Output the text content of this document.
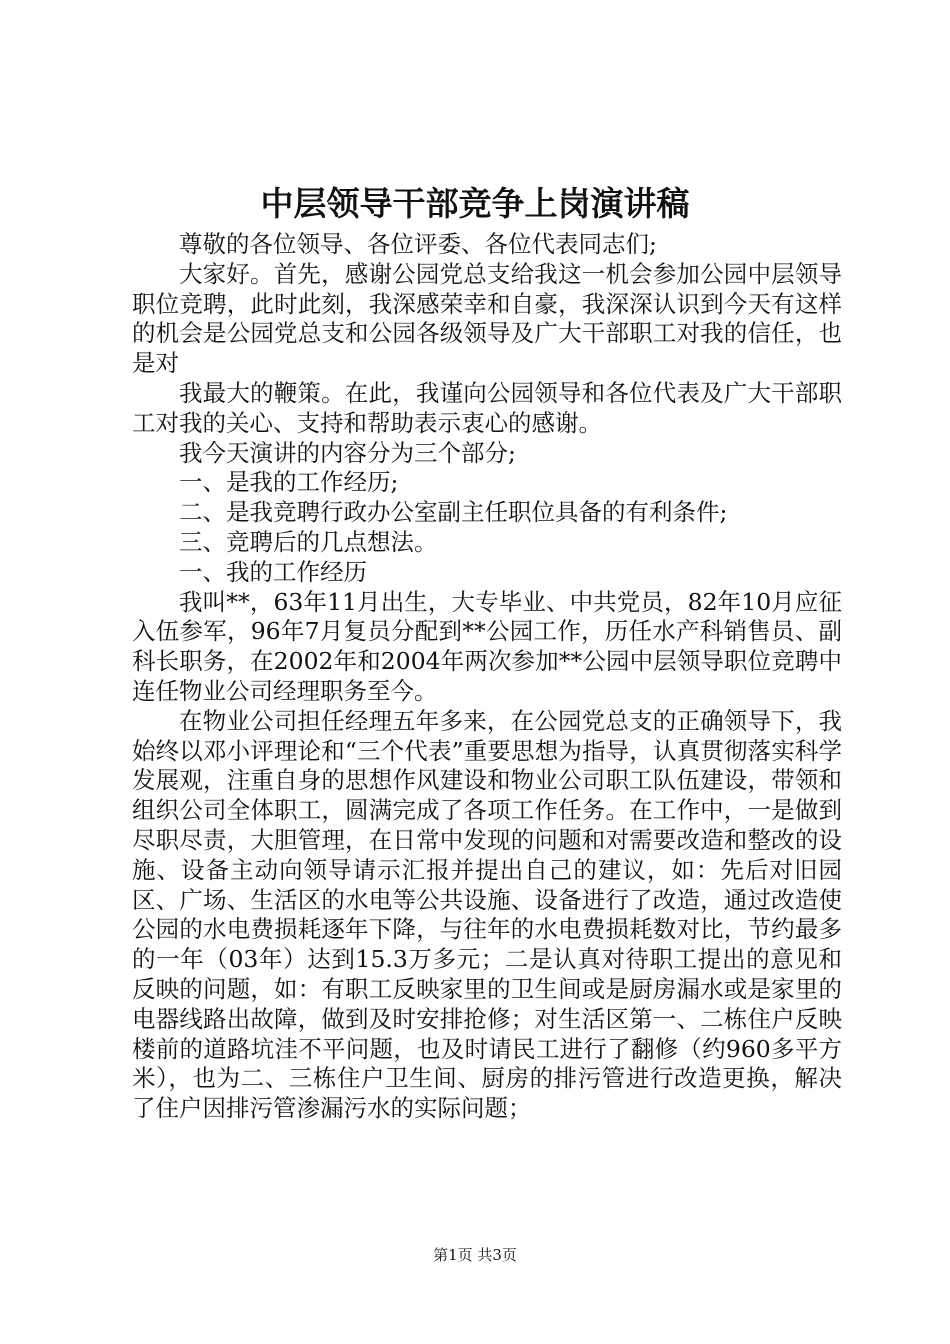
中层领导干部竞争上岗演讲稿

尊敬的各位领导、各位评委、各位代表同志们;

大家好。首先，感谢公园党总支给我这一机会参加公园中层领导职位竞聘，此时此刻，我深感荣幸和自豪，我深深认识到今天有这样的机会是公园党总支和公园各级领导及广大干部职工对我的信任，也是对

我最大的鞭策。在此，我谨向公园领导和各位代表及广大干部职工对我的关心、支持和帮助表示衷心的感谢。

我今天演讲的内容分为三个部分;

一、是我的工作经历;

二、是我竞聘行政办公室副主任职位具备的有利条件;

三、竞聘后的几点想法。

一、我的工作经历

我叫**，63年11月出生，大专毕业、中共党员，82年10月应征入伍参军，96年7月复员分配到**公园工作，历任水产科销售员、副科长职务，在2002年和2004年两次参加**公园中层领导职位竞聘中连任物业公司经理职务至今。

在物业公司担任经理五年多来，在公园党总支的正确领导下，我始终以邓小评理论和“三个代表”重要思想为指导，认真贯彻落实科学发展观，注重自身的思想作风建设和物业公司职工队伍建设，带领和组织公司全体职工，圆满完成了各项工作任务。在工作中，一是做到尽职尽责，大胆管理，在日常中发现的问题和对需要改造和整改的设施、设备主动向领导请示汇报并提出自己的建议，如：先后对旧园区、广场、生活区的水电等公共设施、设备进行了改造，通过改造使公园的水电费损耗逐年下降，与往年的水电费损耗数对比，节约最多的一年（03年）达到15.3万多元；二是认真对待职工提出的意见和反映的问题，如：有职工反映家里的卫生间或是厨房漏水或是家里的电器线路出故障，做到及时安排抢修；对生活区第一、二栋住户反映楼前的道路坑洼不平问题，也及时请民工进行了翻修（约960多平方米），也为二、三栋住户卫生间、厨房的排污管进行改造更换，解决了住户因排污管渗漏污水的实际问题；

第1页 共3页
